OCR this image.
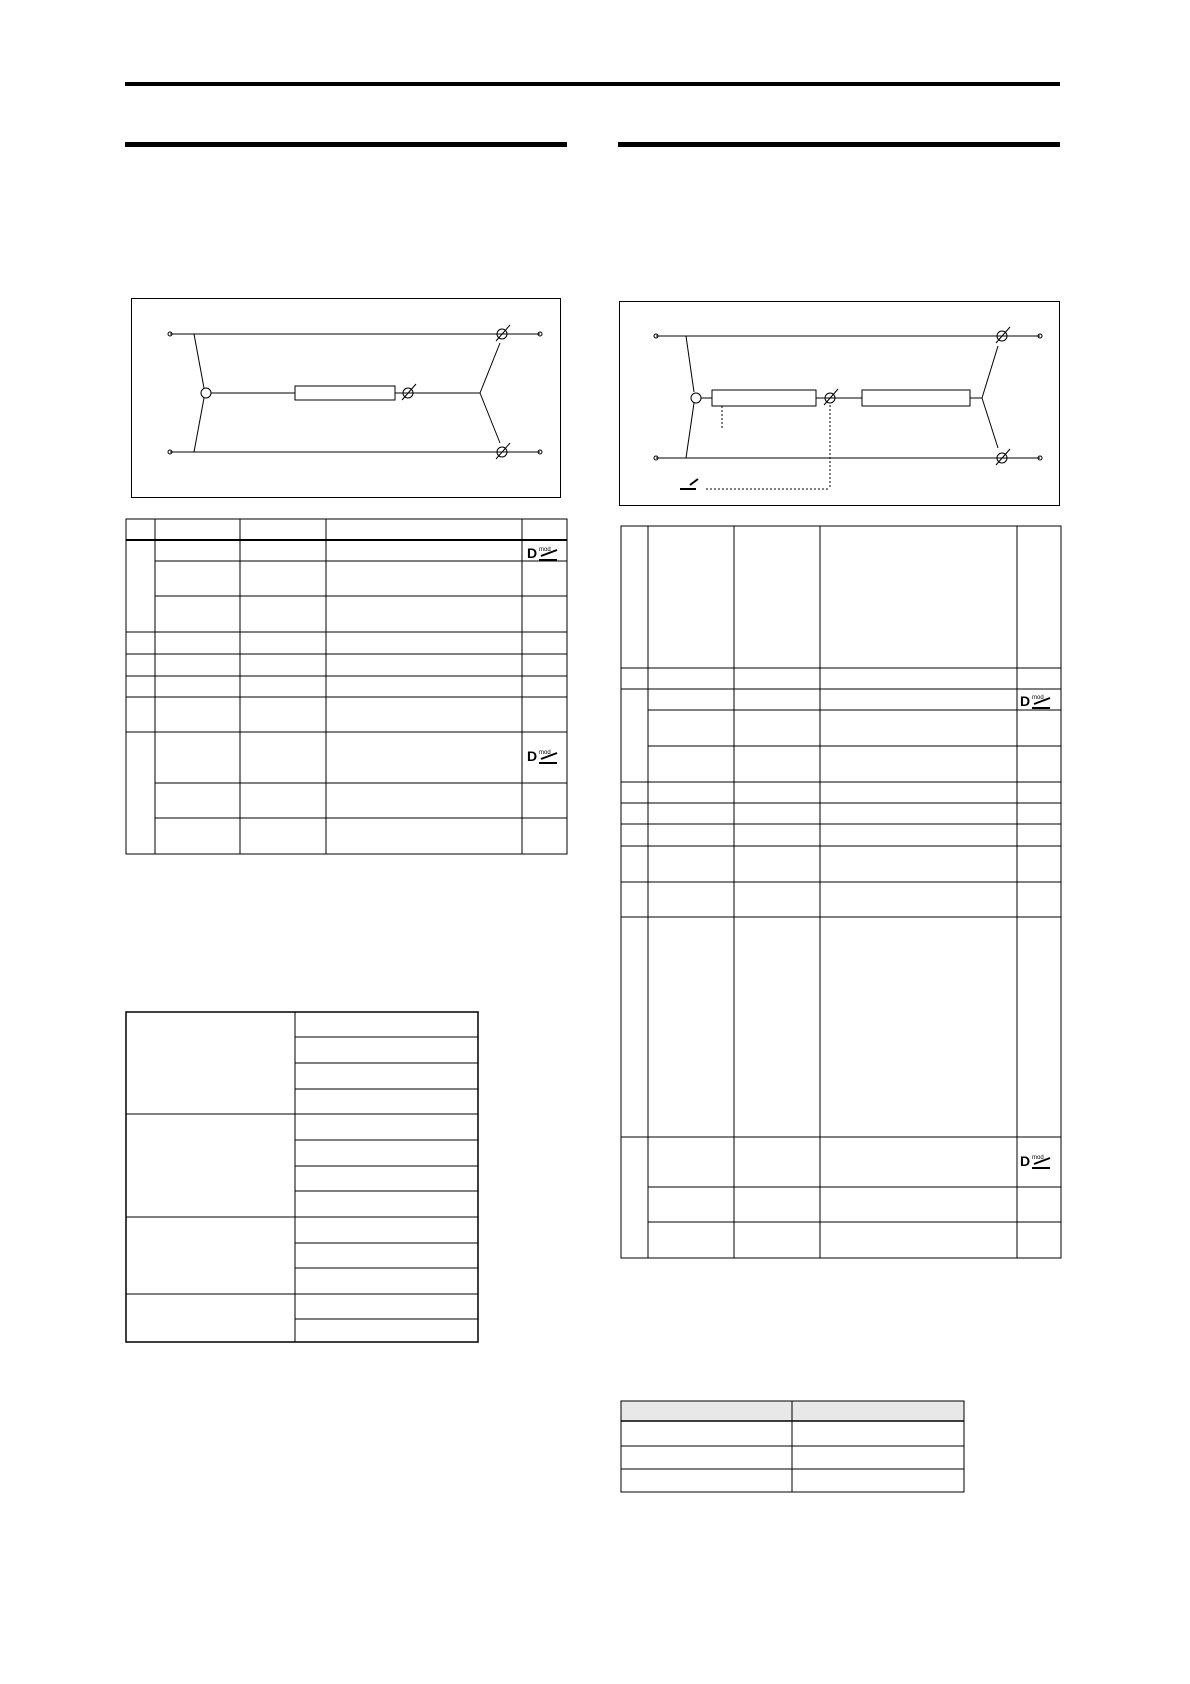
D mod
D mod
D mod
D mod
